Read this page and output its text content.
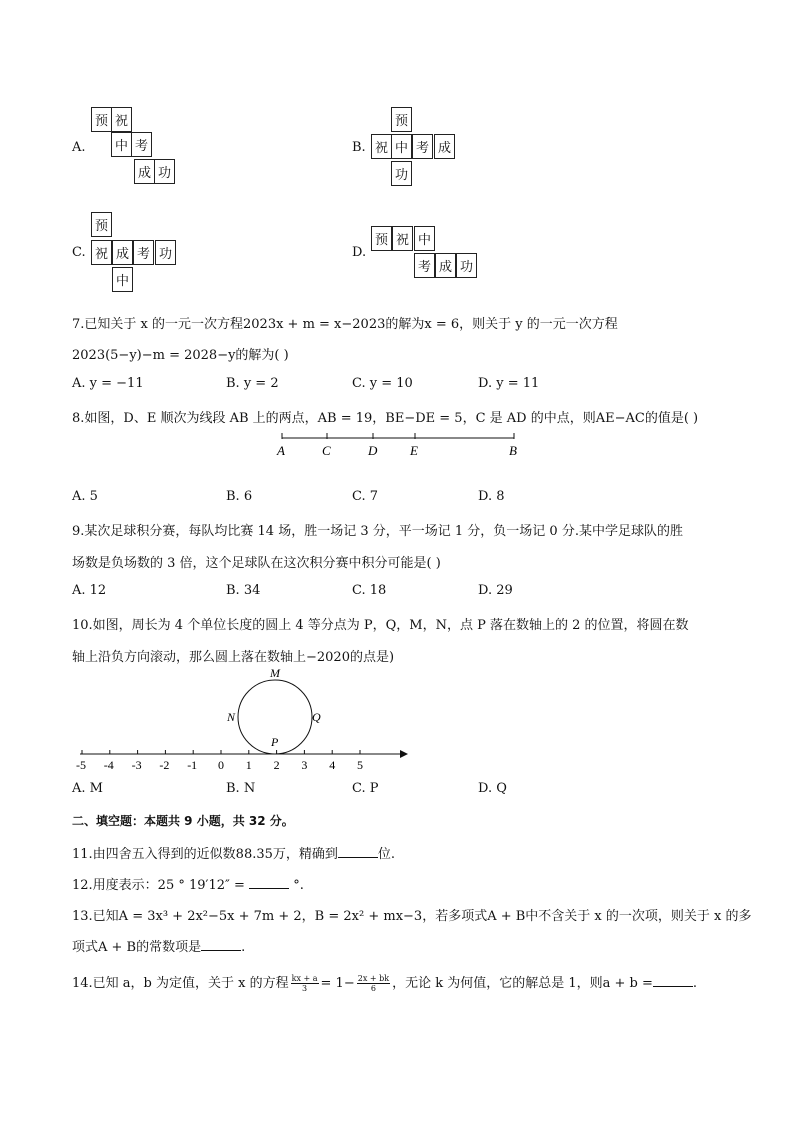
A.
预 祝
中 考
成 功
B.
预
祝 中 考 成
功
C.
预
祝 成 考 功
中
D.
预 祝 中
考 成 功
7.已知关于 x 的一元一次方程2023x + m = x−2023的解为x = 6，则关于 y 的一元一次方程
2023(5−y)−m = 2028−y的解为( )
A. y = −11	B. y = 2	C. y = 10	D. y = 11
8.如图，D、E 顺次为线段 AB 上的两点，AB = 19，BE−DE = 5，C 是 AD 的中点，则AE−AC的值是( )
A	C	D	E	B
A. 5	B. 6	C. 7	D. 8
9.某次足球积分赛，每队均比赛 14 场，胜一场记 3 分，平一场记 1 分，负一场记 0 分.某中学足球队的胜
场数是负场数的 3 倍，这个足球队在这次积分赛中积分可能是( )
A. 12	B. 34	C. 18	D. 29
10.如图，周长为 4 个单位长度的圆上 4 等分点为 P，Q，M，N，点 P 落在数轴上的 2 的位置，将圆在数
轴上沿负方向滚动，那么圆上落在数轴上−2020的点是)
M
N	Q
P
-5 -4 -3 -2 -1 0 1 2 3 4 5
A. M	B. N	C. P	D. Q
二、填空题：本题共 9 小题，共 32 分。
11.由四舍五入得到的近似数88.35万，精确到	位.
12.用度表示：25 ° 19′12″ =	°.
13.已知A = 3x³ + 2x²−5x + 7m + 2，B = 2x² + mx−3，若多项式A + B中不含关于 x 的一次项，则关于 x 的多
项式A + B的常数项是	.
14.已知 a，b 为定值，关于 x 的方程 $\frac{kx + a}{3} = 1- \frac{2x + bk}{6}$ ，无论 k 为何值，它的解总是 1，则a + b =	.
